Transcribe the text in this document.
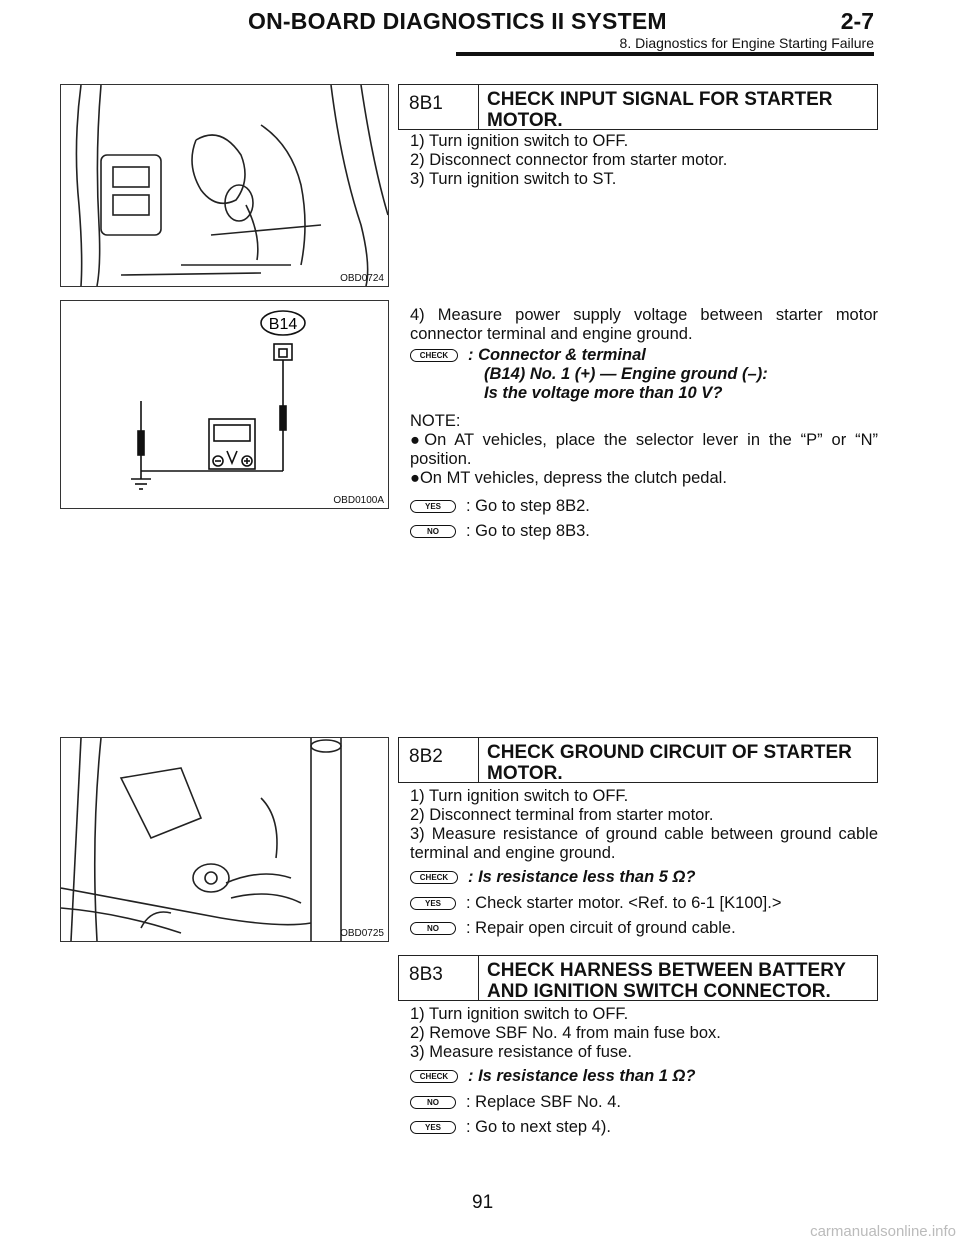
ON-BOARD DIAGNOSTICS II SYSTEM	2-7
8. Diagnostics for Engine Starting Failure
OBD0724
B14
OBD0100A
OBD0725
8B1	CHECK INPUT SIGNAL FOR STARTER MOTOR.
1) Turn ignition switch to OFF.
2) Disconnect connector from starter motor.
3) Turn ignition switch to ST.
4) Measure power supply voltage between starter motor connector terminal and engine ground.
CHECK	: Connector & terminal
(B14) No. 1 (+) — Engine ground (–):
Is the voltage more than 10 V?
NOTE:
●On AT vehicles, place the selector lever in the “P” or “N” position.
●On MT vehicles, depress the clutch pedal.
YES	: Go to step 8B2.
NO	: Go to step 8B3.
8B2	CHECK GROUND CIRCUIT OF STARTER MOTOR.
1) Turn ignition switch to OFF.
2) Disconnect terminal from starter motor.
3) Measure resistance of ground cable between ground cable terminal and engine ground.
CHECK	: Is resistance less than 5 Ω?
YES	: Check starter motor. <Ref. to 6-1 [K100].>
NO	: Repair open circuit of ground cable.
8B3	CHECK HARNESS BETWEEN BATTERY AND IGNITION SWITCH CONNECTOR.
1) Turn ignition switch to OFF.
2) Remove SBF No. 4 from main fuse box.
3) Measure resistance of fuse.
CHECK	: Is resistance less than 1 Ω?
NO	: Replace SBF No. 4.
YES	: Go to next step 4).
91
carmanualsonline.info
